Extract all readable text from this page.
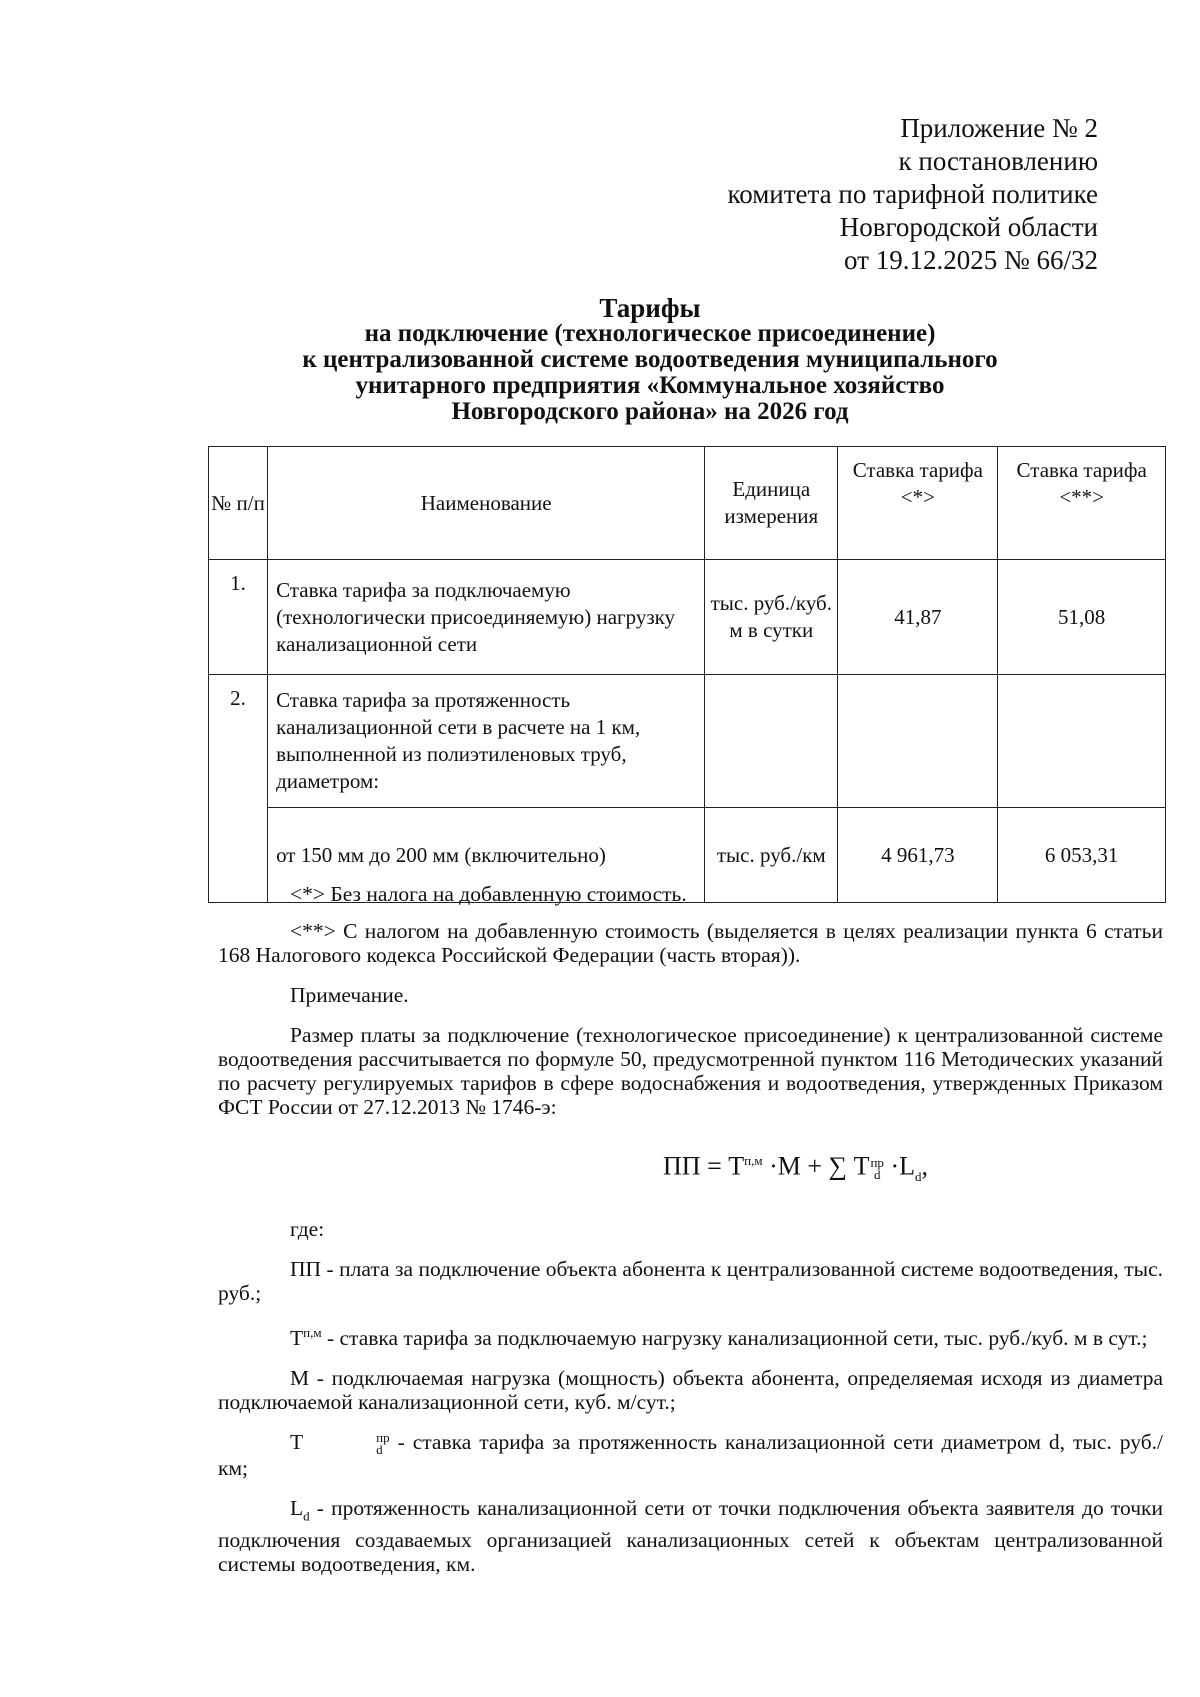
Приложение № 2
к постановлению
комитета по тарифной политике
Новгородской области
от 19.12.2025 № 66/32
Тарифы
на подключение (технологическое присоединение)
к централизованной системе водоотведения муниципального
унитарного предприятия «Коммунальное хозяйство
Новгородского района» на 2026 год
№ п/п	Наименование	Единица измерения	Ставка тарифа <*>	Ставка тарифа <**>
1.	Ставка тарифа за подключаемую (технологически присоединяемую) нагрузку канализационной сети	тыс. руб./куб. м в сутки	41,87	51,08
2.	Ставка тарифа за протяженность канализационной сети в расчете на 1 км, выполненной из полиэтиленовых труб, диаметром:			
	от 150 мм до 200 мм (включительно)	тыс. руб./км	4 961,73	6 053,31

<*> Без налога на добавленную стоимость.

<**> С налогом на добавленную стоимость (выделяется в целях реализации пункта 6 статьи 168 Налогового кодекса Российской Федерации (часть вторая)).

Примечание.

Размер платы за подключение (технологическое присоединение) к централизованной системе водоотведения рассчитывается по формуле 50, предусмотренной пунктом 116 Методических указаний по расчету регулируемых тарифов в сфере водоснабжения и водоотведения, утвержденных Приказом ФСТ России от 27.12.2013 № 1746-э:

ПП = $Т^{п,м} \cdot М$ + ∑ Т пр
$d \cdot L_d$,

где:

ПП - плата за подключение объекта абонента к централизованной системе водоотведения, тыс. руб.;

$Т^{п,м}$ - ставка тарифа за подключаемую нагрузку канализационной сети, тыс. руб./куб. м в сут.;

М - подключаемая нагрузка (мощность) объекта абонента, определяемая исходя из диаметра подключаемой канализационной сети, куб. м/сут.;

Т	пр
d - ставка тарифа за протяженность канализационной сети диаметром d, тыс. руб./км;

$L_d$ - протяженность канализационной сети от точки подключения объекта заявителя до точки подключения создаваемых организацией канализационных сетей к объектам централизованной системы водоотведения, км.
